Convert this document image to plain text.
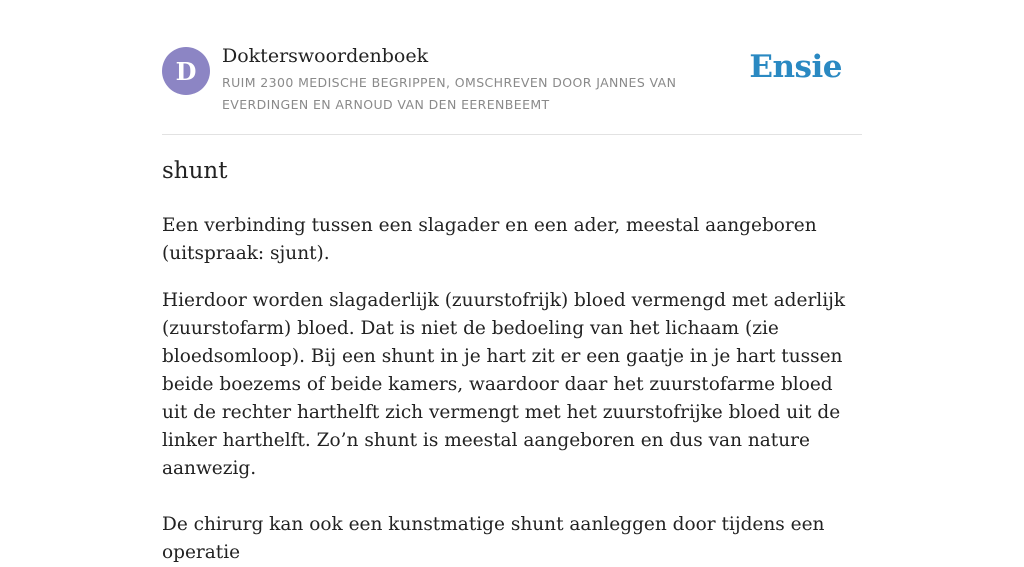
D
Dokterswoordenboek
RUIM 2300 MEDISCHE BEGRIPPEN, OMSCHREVEN DOOR JANNES VAN EVERDINGEN EN ARNOUD VAN DEN EERENBEEMT
Ensie
shunt

Een verbinding tussen een slagader en een ader, meestal aangeboren (uitspraak: sjunt).

Hierdoor worden slagaderlijk (zuurstofrijk) bloed vermengd met aderlijk (zuurstofarm) bloed. Dat is niet de bedoeling van het lichaam (zie bloedsomloop). Bij een shunt in je hart zit er een gaatje in je hart tussen beide boezems of beide kamers, waardoor daar het zuurstofarme bloed uit de rechter harthelft zich vermengt met het zuurstofrijke bloed uit de linker harthelft. Zo’n shunt is meestal aangeboren en dus van nature aanwezig.

De chirurg kan ook een kunstmatige shunt aanleggen door tijdens een operatie
